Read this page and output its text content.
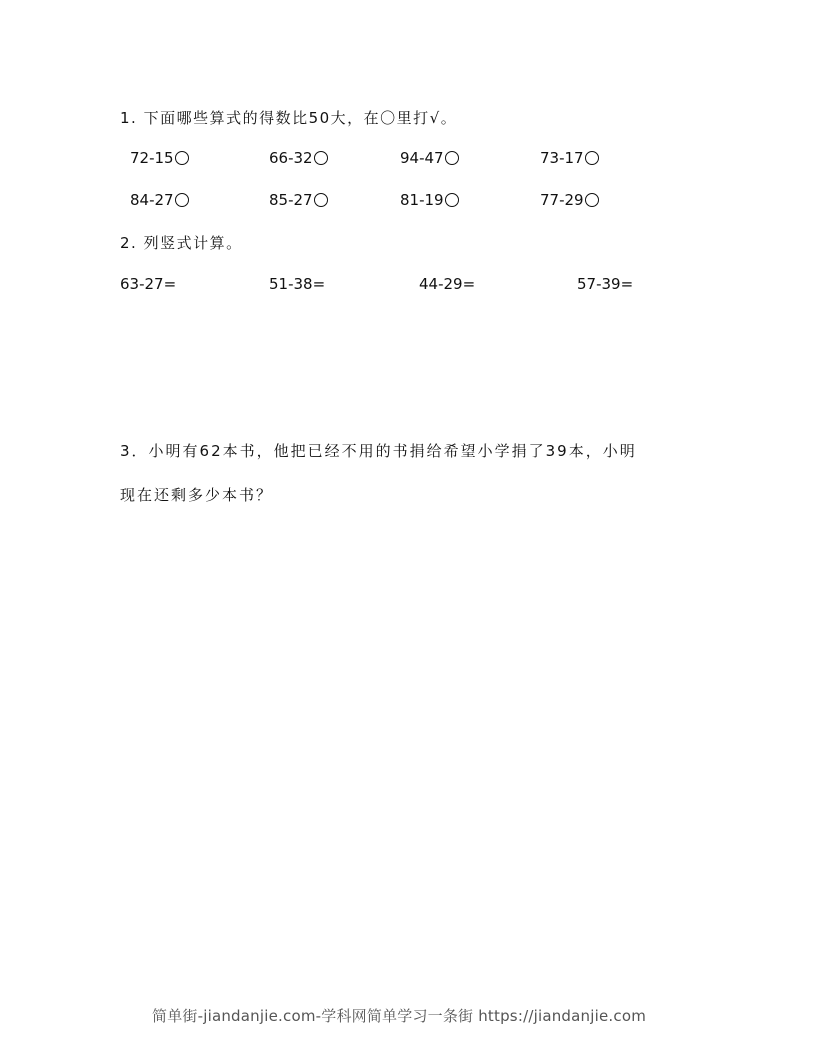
1. 下面哪些算式的得数比50大，在〇里打√。
72-15	66-32	94-47	73-17
84-27	85-27	81-19	77-29
2. 列竖式计算。
63-27=	51-38=	44-29=	57-39=
3．小明有62本书，他把已经不用的书捐给希望小学捐了39本，小明
现在还剩多少本书？
简单街-jiandanjie.com-学科网简单学习一条街 https://jiandanjie.com
